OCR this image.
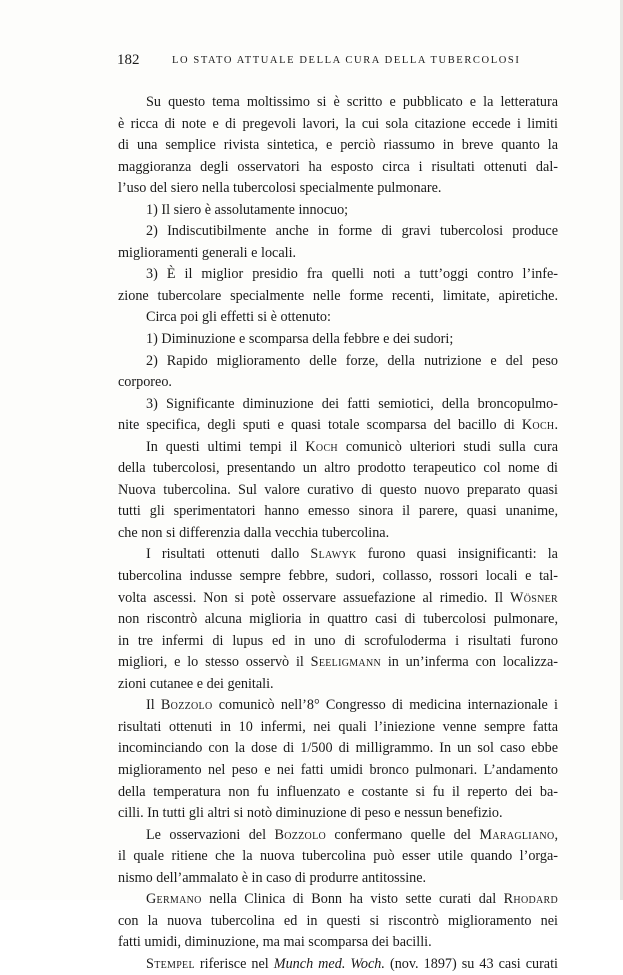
182	LO STATO ATTUALE DELLA CURA DELLA TUBERCOLOSI
Su questo tema moltissimo si è scritto e pubblicato e la letteratura
è ricca di note e di pregevoli lavori, la cui sola citazione eccede i limiti
di una semplice rivista sintetica, e perciò riassumo in breve quanto la
maggioranza degli osservatori ha esposto circa i risultati ottenuti dal-
l’uso del siero nella tubercolosi specialmente pulmonare.
1) Il siero è assolutamente innocuo;
2) Indiscutibilmente anche in forme di gravi tubercolosi produce
miglioramenti generali e locali.
3) È il miglior presidio fra quelli noti a tutt’oggi contro l’infe-
zione tubercolare specialmente nelle forme recenti, limitate, apiretiche.
Circa poi gli effetti si è ottenuto:
1) Diminuzione e scomparsa della febbre e dei sudori;
2) Rapido miglioramento delle forze, della nutrizione e del peso
corporeo.
3) Significante diminuzione dei fatti semiotici, della broncopulmo-
nite specifica, degli sputi e quasi totale scomparsa del bacillo di Koch.
In questi ultimi tempi il Koch comunicò ulteriori studi sulla cura
della tubercolosi, presentando un altro prodotto terapeutico col nome di
Nuova tubercolina. Sul valore curativo di questo nuovo preparato quasi
tutti gli sperimentatori hanno emesso sinora il parere, quasi unanime,
che non si differenzia dalla vecchia tubercolina.
I risultati ottenuti dallo Slawyk furono quasi insignificanti: la
tubercolina indusse sempre febbre, sudori, collasso, rossori locali e tal-
volta ascessi. Non si potè osservare assuefazione al rimedio. Il Wösner
non riscontrò alcuna miglioria in quattro casi di tubercolosi pulmonare,
in tre infermi di lupus ed in uno di scrofuloderma i risultati furono
migliori, e lo stesso osservò il Seeligmann in un’inferma con localizza-
zioni cutanee e dei genitali.
Il Bozzolo comunicò nell’8° Congresso di medicina internazionale i
risultati ottenuti in 10 infermi, nei quali l’iniezione venne sempre fatta
incominciando con la dose di 1/500 di milligrammo. In un sol caso ebbe
miglioramento nel peso e nei fatti umidi bronco pulmonari. L’andamento
della temperatura non fu influenzato e costante si fu il reperto dei ba-
cilli. In tutti gli altri si notò diminuzione di peso e nessun benefizio.
Le osservazioni del Bozzolo confermano quelle del Maragliano,
il quale ritiene che la nuova tubercolina può esser utile quando l’orga-
nismo dell’ammalato è in caso di produrre antitossine.
Germano nella Clinica di Bonn ha visto sette curati dal Rhodard
con la nuova tubercolina ed in questi si riscontrò miglioramento nei
fatti umidi, diminuzione, ma mai scomparsa dei bacilli.
Stempel riferisce nel Munch med. Woch. (nov. 1897) su 43 casi curati
